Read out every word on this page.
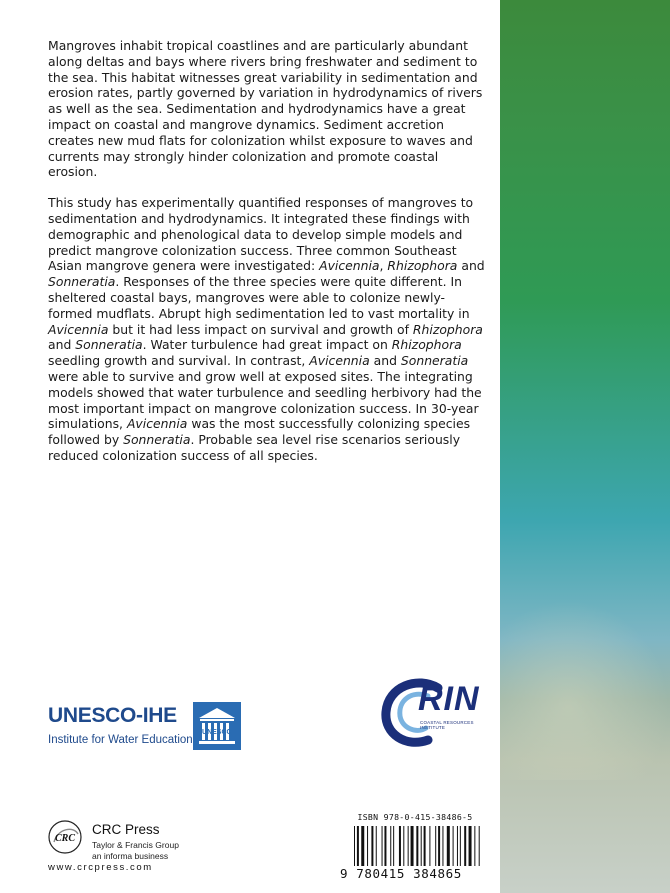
Mangroves inhabit tropical coastlines and are particularly abundant along deltas and bays where rivers bring freshwater and sediment to the sea. This habitat witnesses great variability in sedimentation and erosion rates, partly governed by variation in hydrodynamics of rivers as well as the sea. Sedimentation and hydrodynamics have a great impact on coastal and mangrove dynamics. Sediment accretion creates new mud flats for colonization whilst exposure to waves and currents may strongly hinder colonization and promote coastal erosion.

This study has experimentally quantified responses of mangroves to sedimentation and hydrodynamics. It integrated these findings with demographic and phenological data to develop simple models and predict mangrove colonization success. Three common Southeast Asian mangrove genera were investigated: Avicennia, Rhizophora and Sonneratia. Responses of the three species were quite different. In sheltered coastal bays, mangroves were able to colonize newly-formed mudflats. Abrupt high sedimentation led to vast mortality in Avicennia but it had less impact on survival and growth of Rhizophora and Sonneratia. Water turbulence had great impact on Rhizophora seedling growth and survival. In contrast, Avicennia and Sonneratia were able to survive and grow well at exposed sites. The integrating models showed that water turbulence and seedling herbivory had the most important impact on mangrove colonization success. In 30-year simulations, Avicennia was the most successfully colonizing species followed by Sonneratia. Probable sea level rise scenarios seriously reduced colonization success of all species.

UNESCO-IHE
Institute for Water Education
UNESCO
RIN
COASTAL RESOURCES INSTITUTE
CRC
CRC Press
Taylor & Francis Group
an informa business
www.crcpress.com
ISBN 978-0-415-38486-5
9 780415 384865
